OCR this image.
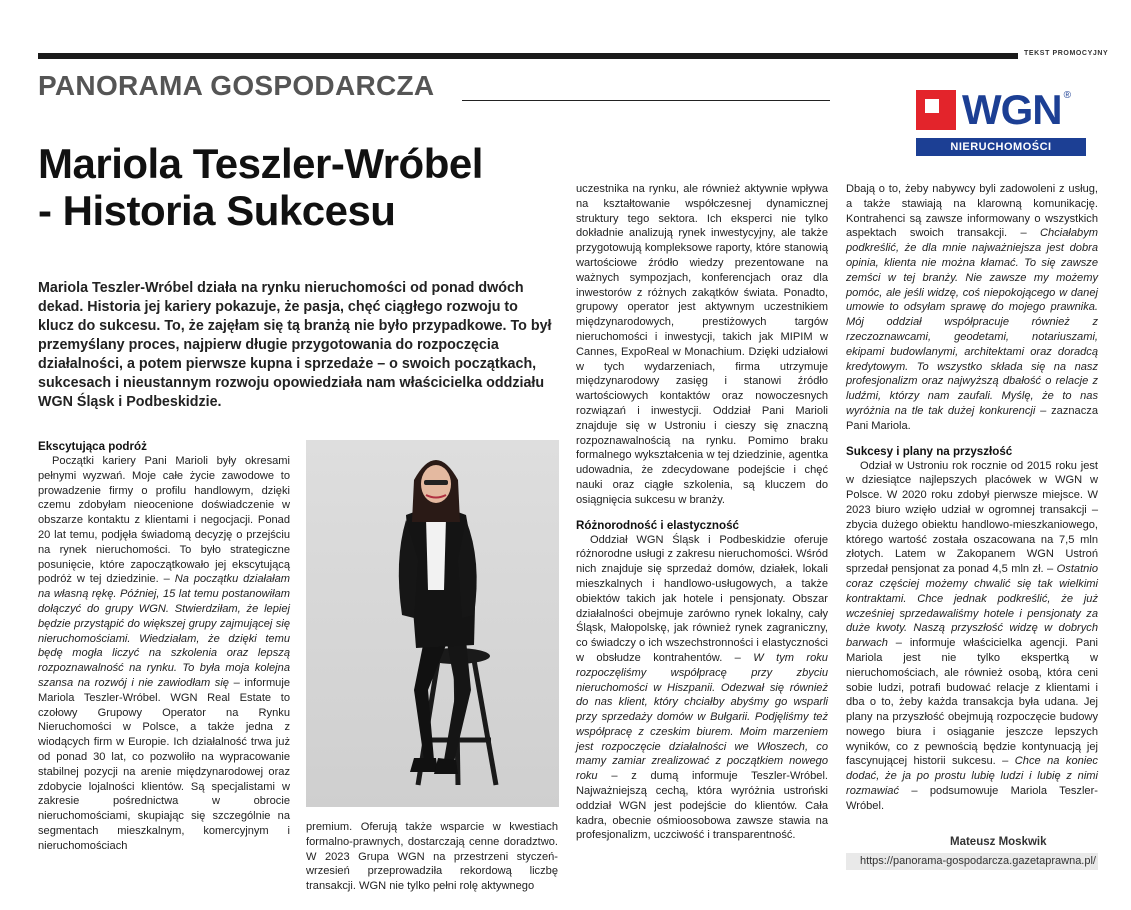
TEKST PROMOCYJNY
PANORAMA GOSPODARCZA
WGN ®
NIERUCHOMOŚCI
Mariola Teszler-Wróbel
- Historia Sukcesu
Mariola Teszler-Wróbel działa na rynku nieruchomości od ponad dwóch dekad. Historia jej kariery pokazuje, że pasja, chęć ciągłego rozwoju to klucz do sukcesu. To, że zajęłam się tą branżą nie było przypadkowe. To był przemyślany proces, najpierw długie przygotowania do rozpoczęcia działalności, a potem pierwsze kupna i sprzedaże – o swoich początkach, sukcesach i nieustannym rozwoju opowiedziała nam właścicielka oddziału WGN Śląsk i Podbeskidzie.
Ekscytująca podróż

Początki kariery Pani Marioli były okresami pełnymi wyzwań. Moje całe życie zawodowe to prowadzenie firmy o profilu handlowym, dzięki czemu zdobyłam nieocenione doświadczenie w obszarze kontaktu z klientami i negocjacji. Ponad 20 lat temu, podjęła świadomą decyzję o przejściu na rynek nieruchomości. To było strategiczne posunięcie, które zapoczątkowało jej ekscytującą podróż w tej dziedzinie. – Na początku działałam na własną rękę. Później, 15 lat temu postanowiłam dołączyć do grupy WGN. Stwierdziłam, że lepiej będzie przystąpić do większej grupy zajmującej się nieruchomościami. Wiedziałam, że dzięki temu będę mogła liczyć na szkolenia oraz lepszą rozpoznawalność na rynku. To była moja kolejna szansa na rozwój i nie zawiodłam się – informuje Mariola Teszler-Wróbel. WGN Real Estate to czołowy Grupowy Operator na Rynku Nieruchomości w Polsce, a także jedna z wiodących firm w Europie. Ich działalność trwa już od ponad 30 lat, co pozwoliło na wypracowanie stabilnej pozycji na arenie międzynarodowej oraz zdobycie lojalności klientów. Są specjalistami w zakresie pośrednictwa w obrocie nieruchomościami, skupiając się szczególnie na segmentach mieszkalnym, komercyjnym i nieruchomościach

premium. Oferują także wsparcie w kwestiach formalno-prawnych, dostarczają cenne doradztwo. W 2023 Grupa WGN na przestrzeni styczeń-wrzesień przeprowadziła rekordową liczbę transakcji. WGN nie tylko pełni rolę aktywnego

uczestnika na rynku, ale również aktywnie wpływa na kształtowanie współczesnej dynamicznej struktury tego sektora. Ich eksperci nie tylko dokładnie analizują rynek inwestycyjny, ale także przygotowują kompleksowe raporty, które stanowią wartościowe źródło wiedzy prezentowane na ważnych sympozjach, konferencjach oraz dla inwestorów z różnych zakątków świata. Ponadto, grupowy operator jest aktywnym uczestnikiem międzynarodowych, prestiżowych targów nieruchomości i inwestycji, takich jak MIPIM w Cannes, ExpoReal w Monachium. Dzięki udziałowi w tych wydarzeniach, firma utrzymuje międzynarodowy zasięg i stanowi źródło wartościowych kontaktów oraz nowoczesnych rozwiązań i inwestycji. Oddział Pani Marioli znajduje się w Ustroniu i cieszy się znaczną rozpoznawalnością na rynku. Pomimo braku formalnego wykształcenia w tej dziedzinie, agentka udowadnia, że zdecydowane podejście i chęć nauki oraz ciągłe szkolenia, są kluczem do osiągnięcia sukcesu w branży.

Różnorodność i elastyczność

Oddział WGN Śląsk i Podbeskidzie oferuje różnorodne usługi z zakresu nieruchomości. Wśród nich znajduje się sprzedaż domów, działek, lokali mieszkalnych i handlowo-usługowych, a także obiektów takich jak hotele i pensjonaty. Obszar działalności obejmuje zarówno rynek lokalny, cały Śląsk, Małopolskę, jak również rynek zagraniczny, co świadczy o ich wszechstronności i elastyczności w obsłudze kontrahentów. – W tym roku rozpoczęliśmy współpracę przy zbyciu nieruchomości w Hiszpanii. Odezwał się również do nas klient, który chciałby abyśmy go wsparli przy sprzedaży domów w Bułgarii. Podjęliśmy też współpracę z czeskim biurem. Moim marzeniem jest rozpoczęcie działalności we Włoszech, co mamy zamiar zrealizować z początkiem nowego roku – z dumą informuje Teszler-Wróbel. Najważniejszą cechą, która wyróżnia ustroński oddział WGN jest podejście do klientów. Cała kadra, obecnie ośmioosobowa zawsze stawia na profesjonalizm, uczciwość i transparentność.

Dbają o to, żeby nabywcy byli zadowoleni z usług, a także stawiają na klarowną komunikację. Kontrahenci są zawsze informowany o wszystkich aspektach swoich transakcji. – Chciałabym podkreślić, że dla mnie najważniejsza jest dobra opinia, klienta nie można kłamać. To się zawsze zemści w tej branży. Nie zawsze my możemy pomóc, ale jeśli widzę, coś niepokojącego w danej umowie to odsyłam sprawę do mojego prawnika. Mój oddział współpracuje również z rzeczoznawcami, geodetami, notariuszami, ekipami budowlanymi, architektami oraz doradcą kredytowym. To wszystko składa się na nasz profesjonalizm oraz najwyższą dbałość o relacje z ludźmi, którzy nam zaufali. Myślę, że to nas wyróżnia na tle tak dużej konkurencji – zaznacza Pani Mariola.

Sukcesy i plany na przyszłość

Odział w Ustroniu rok rocznie od 2015 roku jest w dziesiątce najlepszych placówek w WGN w Polsce. W 2020 roku zdobył pierwsze miejsce. W 2023 biuro wzięło udział w ogromnej transakcji – zbycia dużego obiektu handlowo-mieszkaniowego, którego wartość została oszacowana na 7,5 mln złotych. Latem w Zakopanem WGN Ustroń sprzedał pensjonat za ponad 4,5 mln zł. – Ostatnio coraz częściej możemy chwalić się tak wielkimi kontraktami. Chce jednak podkreślić, że już wcześniej sprzedawaliśmy hotele i pensjonaty za duże kwoty. Naszą przyszłość widzę w dobrych barwach – informuje właścicielka agencji. Pani Mariola jest nie tylko ekspertką w nieruchomościach, ale również osobą, która ceni sobie ludzi, potrafi budować relacje z klientami i dba o to, żeby każda transakcja była udana. Jej plany na przyszłość obejmują rozpoczęcie budowy nowego biura i osiąganie jeszcze lepszych wyników, co z pewnością będzie kontynuacją jej fascynującej historii sukcesu. – Chce na koniec dodać, że ja po prostu lubię ludzi i lubię z nimi rozmawiać – podsumowuje Mariola Teszler-Wróbel.

Mateusz Moskwik
https://panorama-gospodarcza.gazetaprawna.pl/
